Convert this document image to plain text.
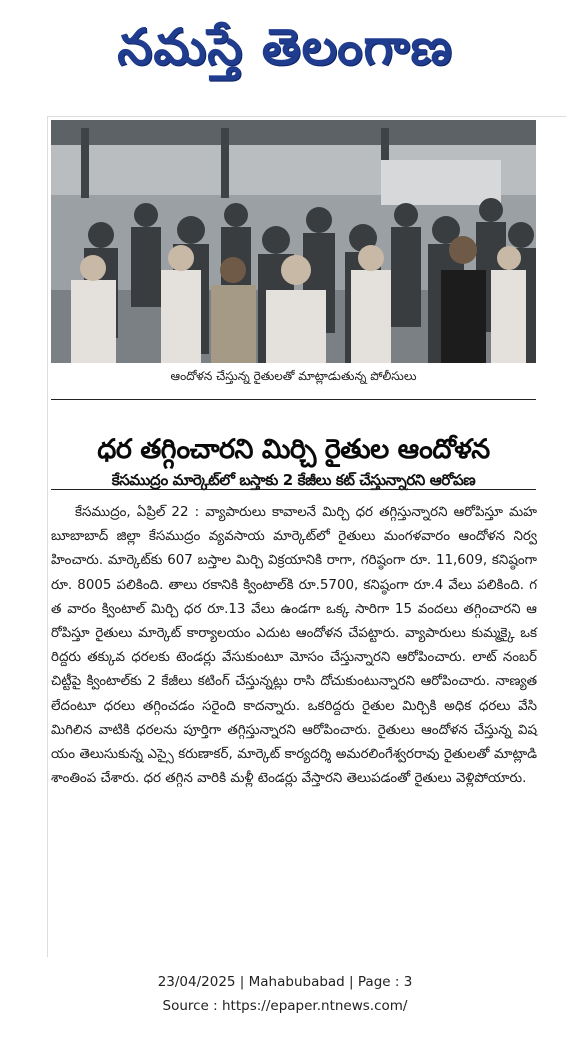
నమస్తే తెలంగాణ
ఆందోళన చేస్తున్న రైతులతో మాట్లాడుతున్న పోలీసులు
ధర తగ్గించారని మిర్చి రైతుల ఆందోళన
కేసముద్రం మార్కెట్‌లో బస్తాకు 2 కేజీలు కట్ చేస్తున్నారని ఆరోపణ

కేసముద్రం, ఏప్రిల్ 22 : వ్యాపారులు కావాలనే మిర్చి ధర తగ్గిస్తున్నారని ఆరోపిస్తూ మహబూబాబాద్ జిల్లా కేసముద్రం వ్యవసాయ మార్కెట్‌లో రైతులు మంగళవారం ఆందోళన నిర్వహించారు. మార్కెట్‌కు 607 బస్తాల మిర్చి విక్రయానికి రాగా, గరిష్ఠంగా రూ. 11,609, కనిష్ఠంగా రూ. 8005 పలికింది. తాలు రకానికి క్వింటాల్‌కి రూ.5700, కనిష్ఠంగా రూ.4 వేలు పలికింది. గత వారం క్వింటాల్ మిర్చి ధర రూ.13 వేలు ఉండగా ఒక్క సారిగా 15 వందలు తగ్గించారని ఆరోపిస్తూ రైతులు మార్కెట్ కార్యాలయం ఎదుట ఆందోళన చేపట్టారు. వ్యాపారులు కుమ్మక్కై ఒకరిద్దరు తక్కువ ధరలకు టెండర్లు వేసుకుంటూ మోసం చేస్తున్నారని ఆరోపించారు. లాట్ నంబర్ చిట్టీపై క్వింటాల్‌కు 2 కేజీలు కటింగ్ చేస్తున్నట్లు రాసి దోచుకుంటున్నారని ఆరోపించారు. నాణ్యత లేదంటూ ధరలు తగ్గించడం సరైంది కాదన్నారు. ఒకరిద్దరు రైతుల మిర్చికి అధిక ధరలు వేసి మిగిలిన వాటికి ధరలను పూర్తిగా తగ్గిస్తున్నారని ఆరోపించారు. రైతులు ఆందోళన చేస్తున్న విషయం తెలుసుకున్న ఎస్సై కరుణాకర్, మార్కెట్ కార్యదర్శి అమరలింగేశ్వరరావు రైతులతో మాట్లాడి శాంతింప చేశారు. ధర తగ్గిన వారికి మళ్లీ టెండర్లు వేస్తారని తెలుపడంతో రైతులు వెళ్లిపోయారు.

23/04/2025 | Mahabubabad | Page : 3
Source : https://epaper.ntnews.com/
